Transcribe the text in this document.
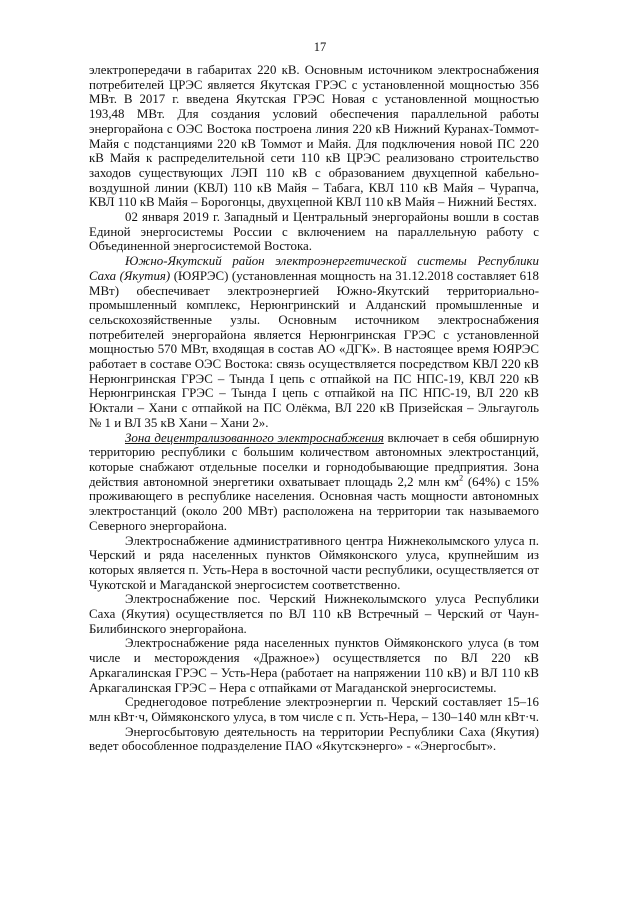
17

электропередачи в габаритах 220 кВ. Основным источником электроснабжения потребителей ЦРЭС является Якутская ГРЭС с установленной мощностью 356 МВт. В 2017 г. введена Якутская ГРЭС Новая с установленной мощностью 193,48 МВт. Для создания условий обеспечения параллельной работы энергорайона с ОЭС Востока построена линия 220 кВ Нижний Куранах-Томмот-Майя с подстанциями 220 кВ Томмот и Майя. Для подключения новой ПС 220 кВ Майя к распределительной сети 110 кВ ЦРЭС реализовано строительство заходов существующих ЛЭП 110 кВ с образованием двухцепной кабельно-воздушной линии (КВЛ) 110 кВ Майя – Табага, КВЛ 110 кВ Майя – Чурапча, КВЛ 110 кВ Майя – Борогонцы, двухцепной КВЛ 110 кВ Майя – Нижний Бестях.

02 января 2019 г. Западный и Центральный энергорайоны вошли в состав Единой энергосистемы России с включением на параллельную работу с Объединенной энергосистемой Востока.

Южно-Якутский район электроэнергетической системы Республики Саха (Якутия) (ЮЯРЭС) (установленная мощность на 31.12.2018 составляет 618 МВт) обеспечивает электроэнергией Южно-Якутский территориально-промышленный комплекс, Нерюнгринский и Алданский промышленные и сельскохозяйственные узлы. Основным источником электроснабжения потребителей энергорайона является Нерюнгринская ГРЭС с установленной мощностью 570 МВт, входящая в состав АО «ДГК». В настоящее время ЮЯРЭС работает в составе ОЭС Востока: связь осуществляется посредством КВЛ 220 кВ Нерюнгринская ГРЭС – Тында I цепь с отпайкой на ПС НПС-19, КВЛ 220 кВ Нерюнгринская ГРЭС – Тында I цепь с отпайкой на ПС НПС-19, ВЛ 220 кВ Юктали – Хани с отпайкой на ПС Олёкма, ВЛ 220 кВ Призейская – Эльгауголь № 1 и ВЛ 35 кВ Хани – Хани 2».

Зона децентрализованного электроснабжения включает в себя обширную территорию республики с большим количеством автономных электростанций, которые снабжают отдельные поселки и горнодобывающие предприятия. Зона действия автономной энергетики охватывает площадь 2,2 млн $км^2$ (64%) с 15% проживающего в республике населения. Основная часть мощности автономных электростанций (около 200 МВт) расположена на территории так называемого Северного энергорайона.

Электроснабжение административного центра Нижнеколымского улуса п. Черский и ряда населенных пунктов Оймяконского улуса, крупнейшим из которых является п. Усть-Нера в восточной части республики, осуществляется от Чукотской и Магаданской энергосистем соответственно.

Электроснабжение пос. Черский Нижнеколымского улуса Республики Саха (Якутия) осуществляется по ВЛ 110 кВ Встречный – Черский от Чаун-Билибинского энергорайона.

Электроснабжение ряда населенных пунктов Оймяконского улуса (в том числе и месторождения «Дражное») осуществляется по ВЛ 220 кВ Аркагалинская ГРЭС – Усть-Нера (работает на напряжении 110 кВ) и ВЛ 110 кВ Аркагалинская ГРЭС – Нера с отпайками от Магаданской энергосистемы.

Среднегодовое потребление электроэнергии п. Черский составляет 15–16 млн кВт·ч, Оймяконского улуса, в том числе с п. Усть-Нера, – 130–140 млн кВт·ч.

Энергосбытовую деятельность на территории Республики Саха (Якутия) ведет обособленное подразделение ПАО «Якутскэнерго» - «Энергосбыт».
